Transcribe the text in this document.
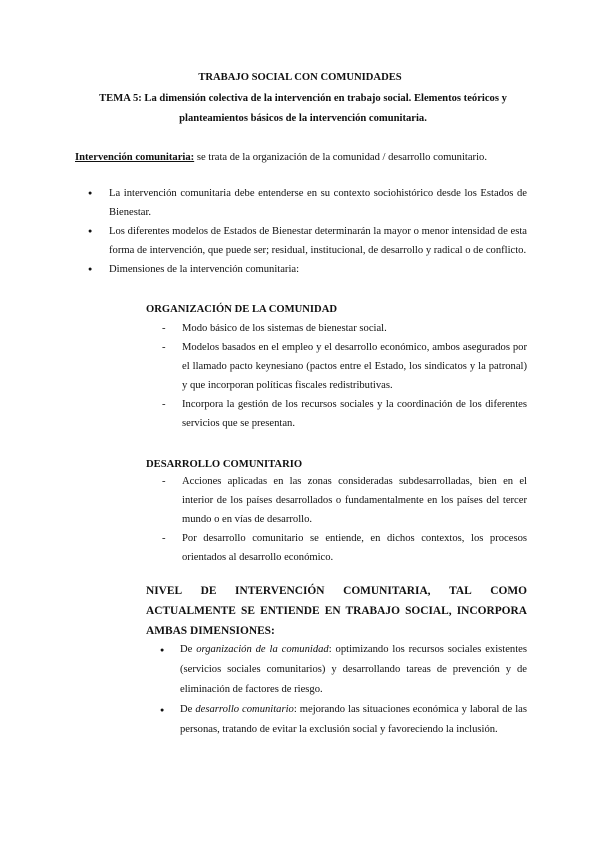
TRABAJO SOCIAL CON COMUNIDADES
TEMA 5: La dimensión colectiva de la intervención en trabajo social. Elementos teóricos y
planteamientos básicos de la intervención comunitaria.
Intervención comunitaria: se trata de la organización de la comunidad / desarrollo comunitario.
● La intervención comunitaria debe entenderse en su contexto sociohistórico desde los Estados de Bienestar.
● Los diferentes modelos de Estados de Bienestar determinarán la mayor o menor intensidad de esta forma de intervención, que puede ser; residual, institucional, de desarrollo y radical o de conflicto.
● Dimensiones de la intervención comunitaria:
ORGANIZACIÓN DE LA COMUNIDAD
- Modo básico de los sistemas de bienestar social.
- Modelos basados en el empleo y el desarrollo económico, ambos asegurados por el llamado pacto keynesiano (pactos entre el Estado, los sindicatos y la patronal) y que incorporan políticas fiscales redistributivas.
- Incorpora la gestión de los recursos sociales y la coordinación de los diferentes servicios que se presentan.
DESARROLLO COMUNITARIO
- Acciones aplicadas en las zonas consideradas subdesarrolladas, bien en el interior de los países desarrollados o fundamentalmente en los países del tercer mundo o en vías de desarrollo.
- Por desarrollo comunitario se entiende, en dichos contextos, los procesos orientados al desarrollo económico.
NIVEL DE INTERVENCIÓN COMUNITARIA, TAL COMO
ACTUALMENTE SE ENTIENDE EN TRABAJO SOCIAL, INCORPORA AMBAS DIMENSIONES:
● De organización de la comunidad: optimizando los recursos sociales existentes (servicios sociales comunitarios) y desarrollando tareas de prevención y de eliminación de factores de riesgo.
● De desarrollo comunitario: mejorando las situaciones económica y laboral de las personas, tratando de evitar la exclusión social y favoreciendo la inclusión.
